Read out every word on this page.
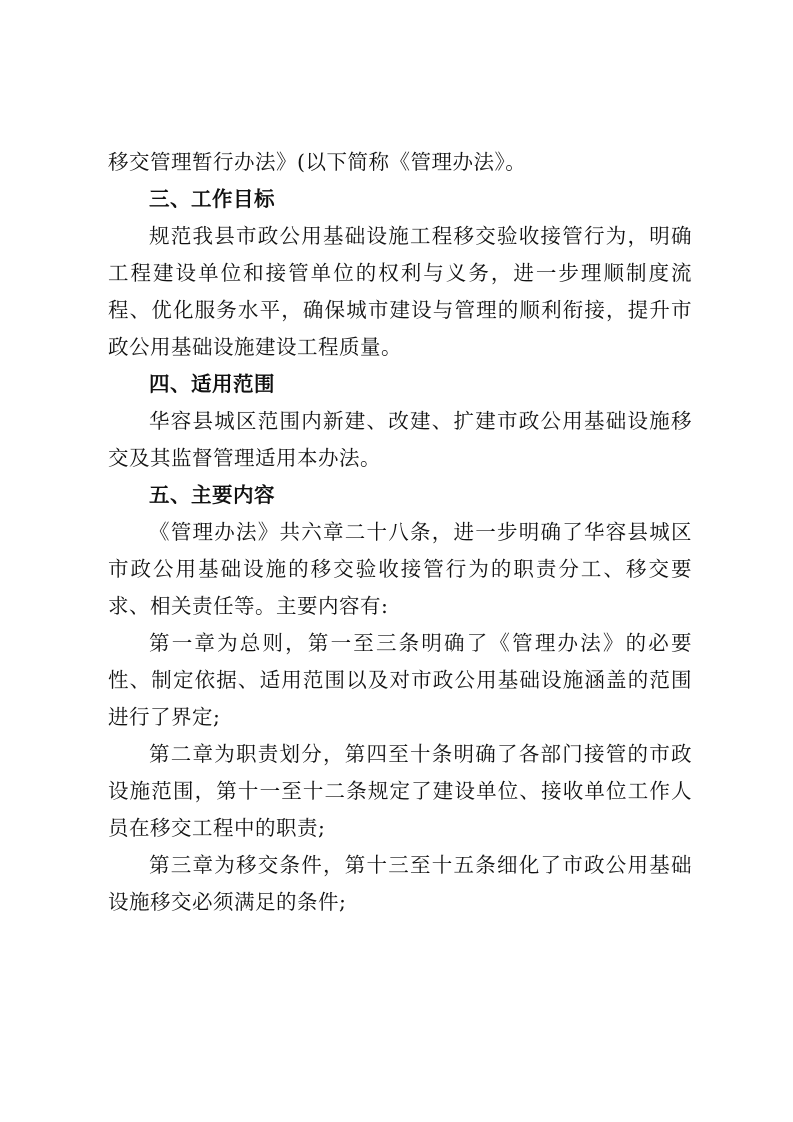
移交管理暂行办法》(以下简称《管理办法》。

三、工作目标

规范我县市政公用基础设施工程移交验收接管行为，明确工程建设单位和接管单位的权利与义务，进一步理顺制度流程、优化服务水平，确保城市建设与管理的顺利衔接，提升市政公用基础设施建设工程质量。

四、适用范围

华容县城区范围内新建、改建、扩建市政公用基础设施移交及其监督管理适用本办法。

五、主要内容

《管理办法》共六章二十八条，进一步明确了华容县城区市政公用基础设施的移交验收接管行为的职责分工、移交要求、相关责任等。主要内容有:

第一章为总则，第一至三条明确了《管理办法》的必要性、制定依据、适用范围以及对市政公用基础设施涵盖的范围进行了界定;

第二章为职责划分，第四至十条明确了各部门接管的市政设施范围，第十一至十二条规定了建设单位、接收单位工作人员在移交工程中的职责;

第三章为移交条件，第十三至十五条细化了市政公用基础设施移交必须满足的条件;
